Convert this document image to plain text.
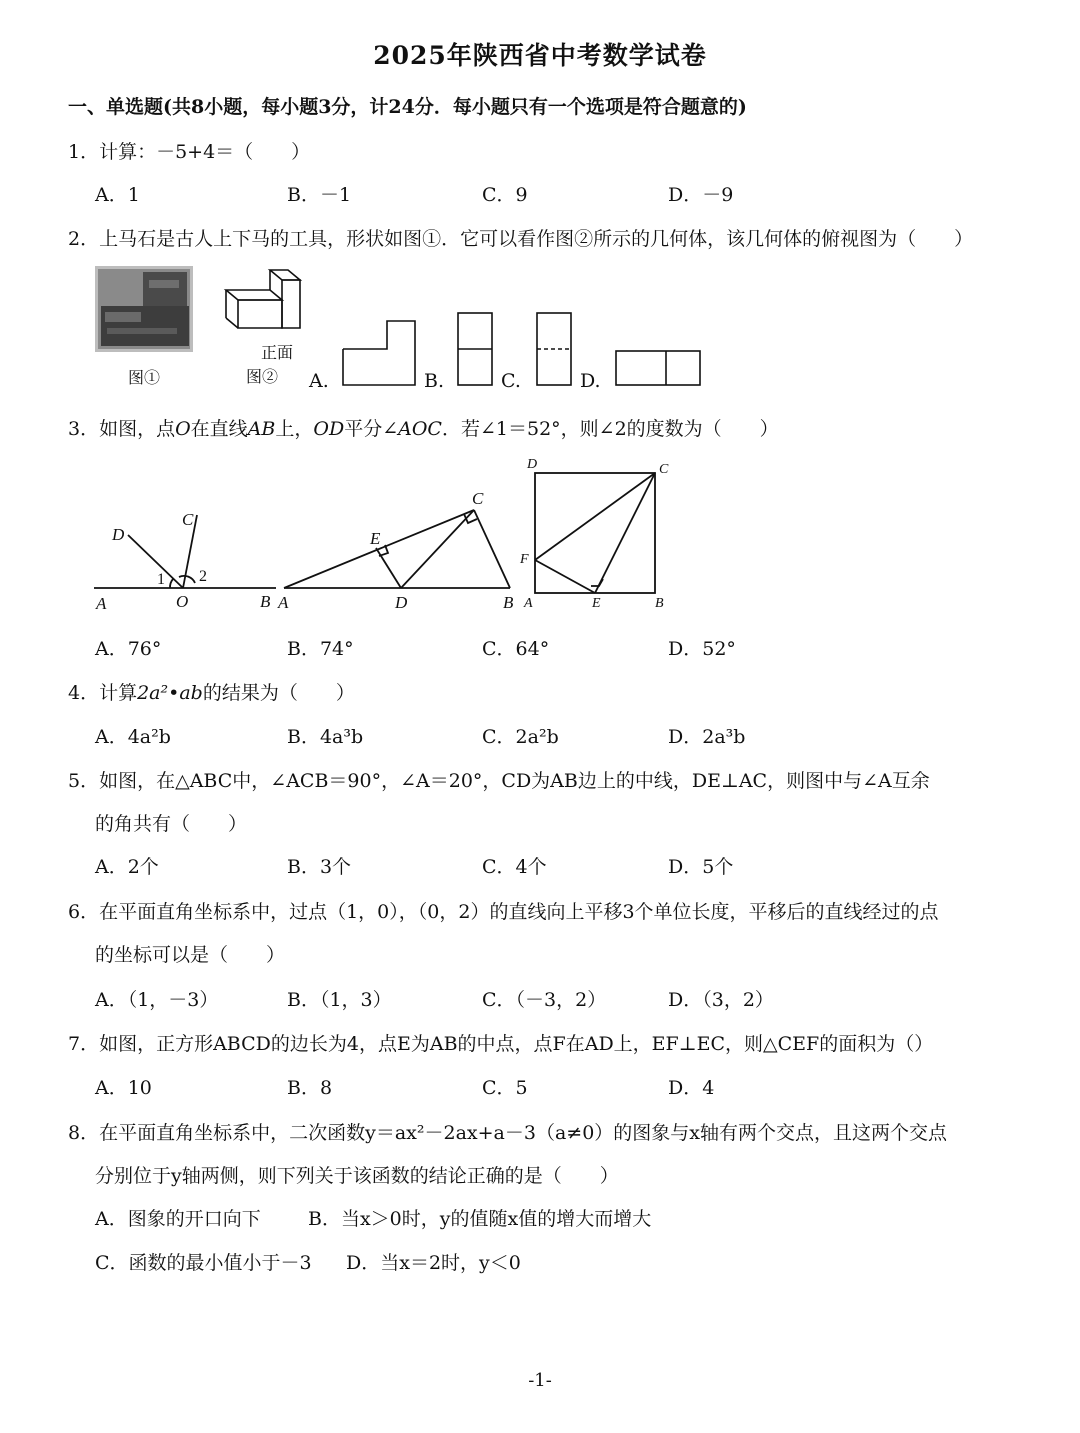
2025年陕西省中考数学试卷
一、单选题(共8小题，每小题3分，计24分．每小题只有一个选项是符合题意的)
1．计算：－5+4＝（　　）
A．1	B．－1	C．9	D．－9
2．上马石是古人上下马的工具，形状如图①．它可以看作图②所示的几何体，该几何体的俯视图为（　　）
图①
正面
图② A.	B.	C.	D.
3．如图，点O在直线AB上，OD平分∠AOC．若∠1＝52°，则∠2的度数为（　　）
A	O	B
C
D
1 2
A	D	B
C
E
D	C
F
A	E	B
A．76°	B．74°	C．64°	D．52°
4．计算2a²•ab的结果为（　　）
A．4a²b	B．4a³b	C．2a²b	D．2a³b
5．如图，在△ABC中，∠ACB＝90°，∠A＝20°，CD为AB边上的中线，DE⊥AC，则图中与∠A互余
的角共有（　　）
A．2个	B．3个	C．4个	D．5个
6．在平面直角坐标系中，过点（1，0），（0，2）的直线向上平移3个单位长度，平移后的直线经过的点
的坐标可以是（　　）
A．（1，－3）	B．（1，3）	C．（－3，2）	D．（3，2）
7．如图，正方形ABCD的边长为4，点E为AB的中点，点F在AD上，EF⊥EC，则△CEF的面积为（）
A．10	B．8	C．5	D．4
8．在平面直角坐标系中，二次函数y＝ax²－2ax+a－3（a≠0）的图象与x轴有两个交点，且这两个交点
分别位于y轴两侧，则下列关于该函数的结论正确的是（　　）
A．图象的开口向下 B．当x＞0时，y的值随x值的增大而增大
C．函数的最小值小于－3 D．当x＝2时，y＜0
-1-
